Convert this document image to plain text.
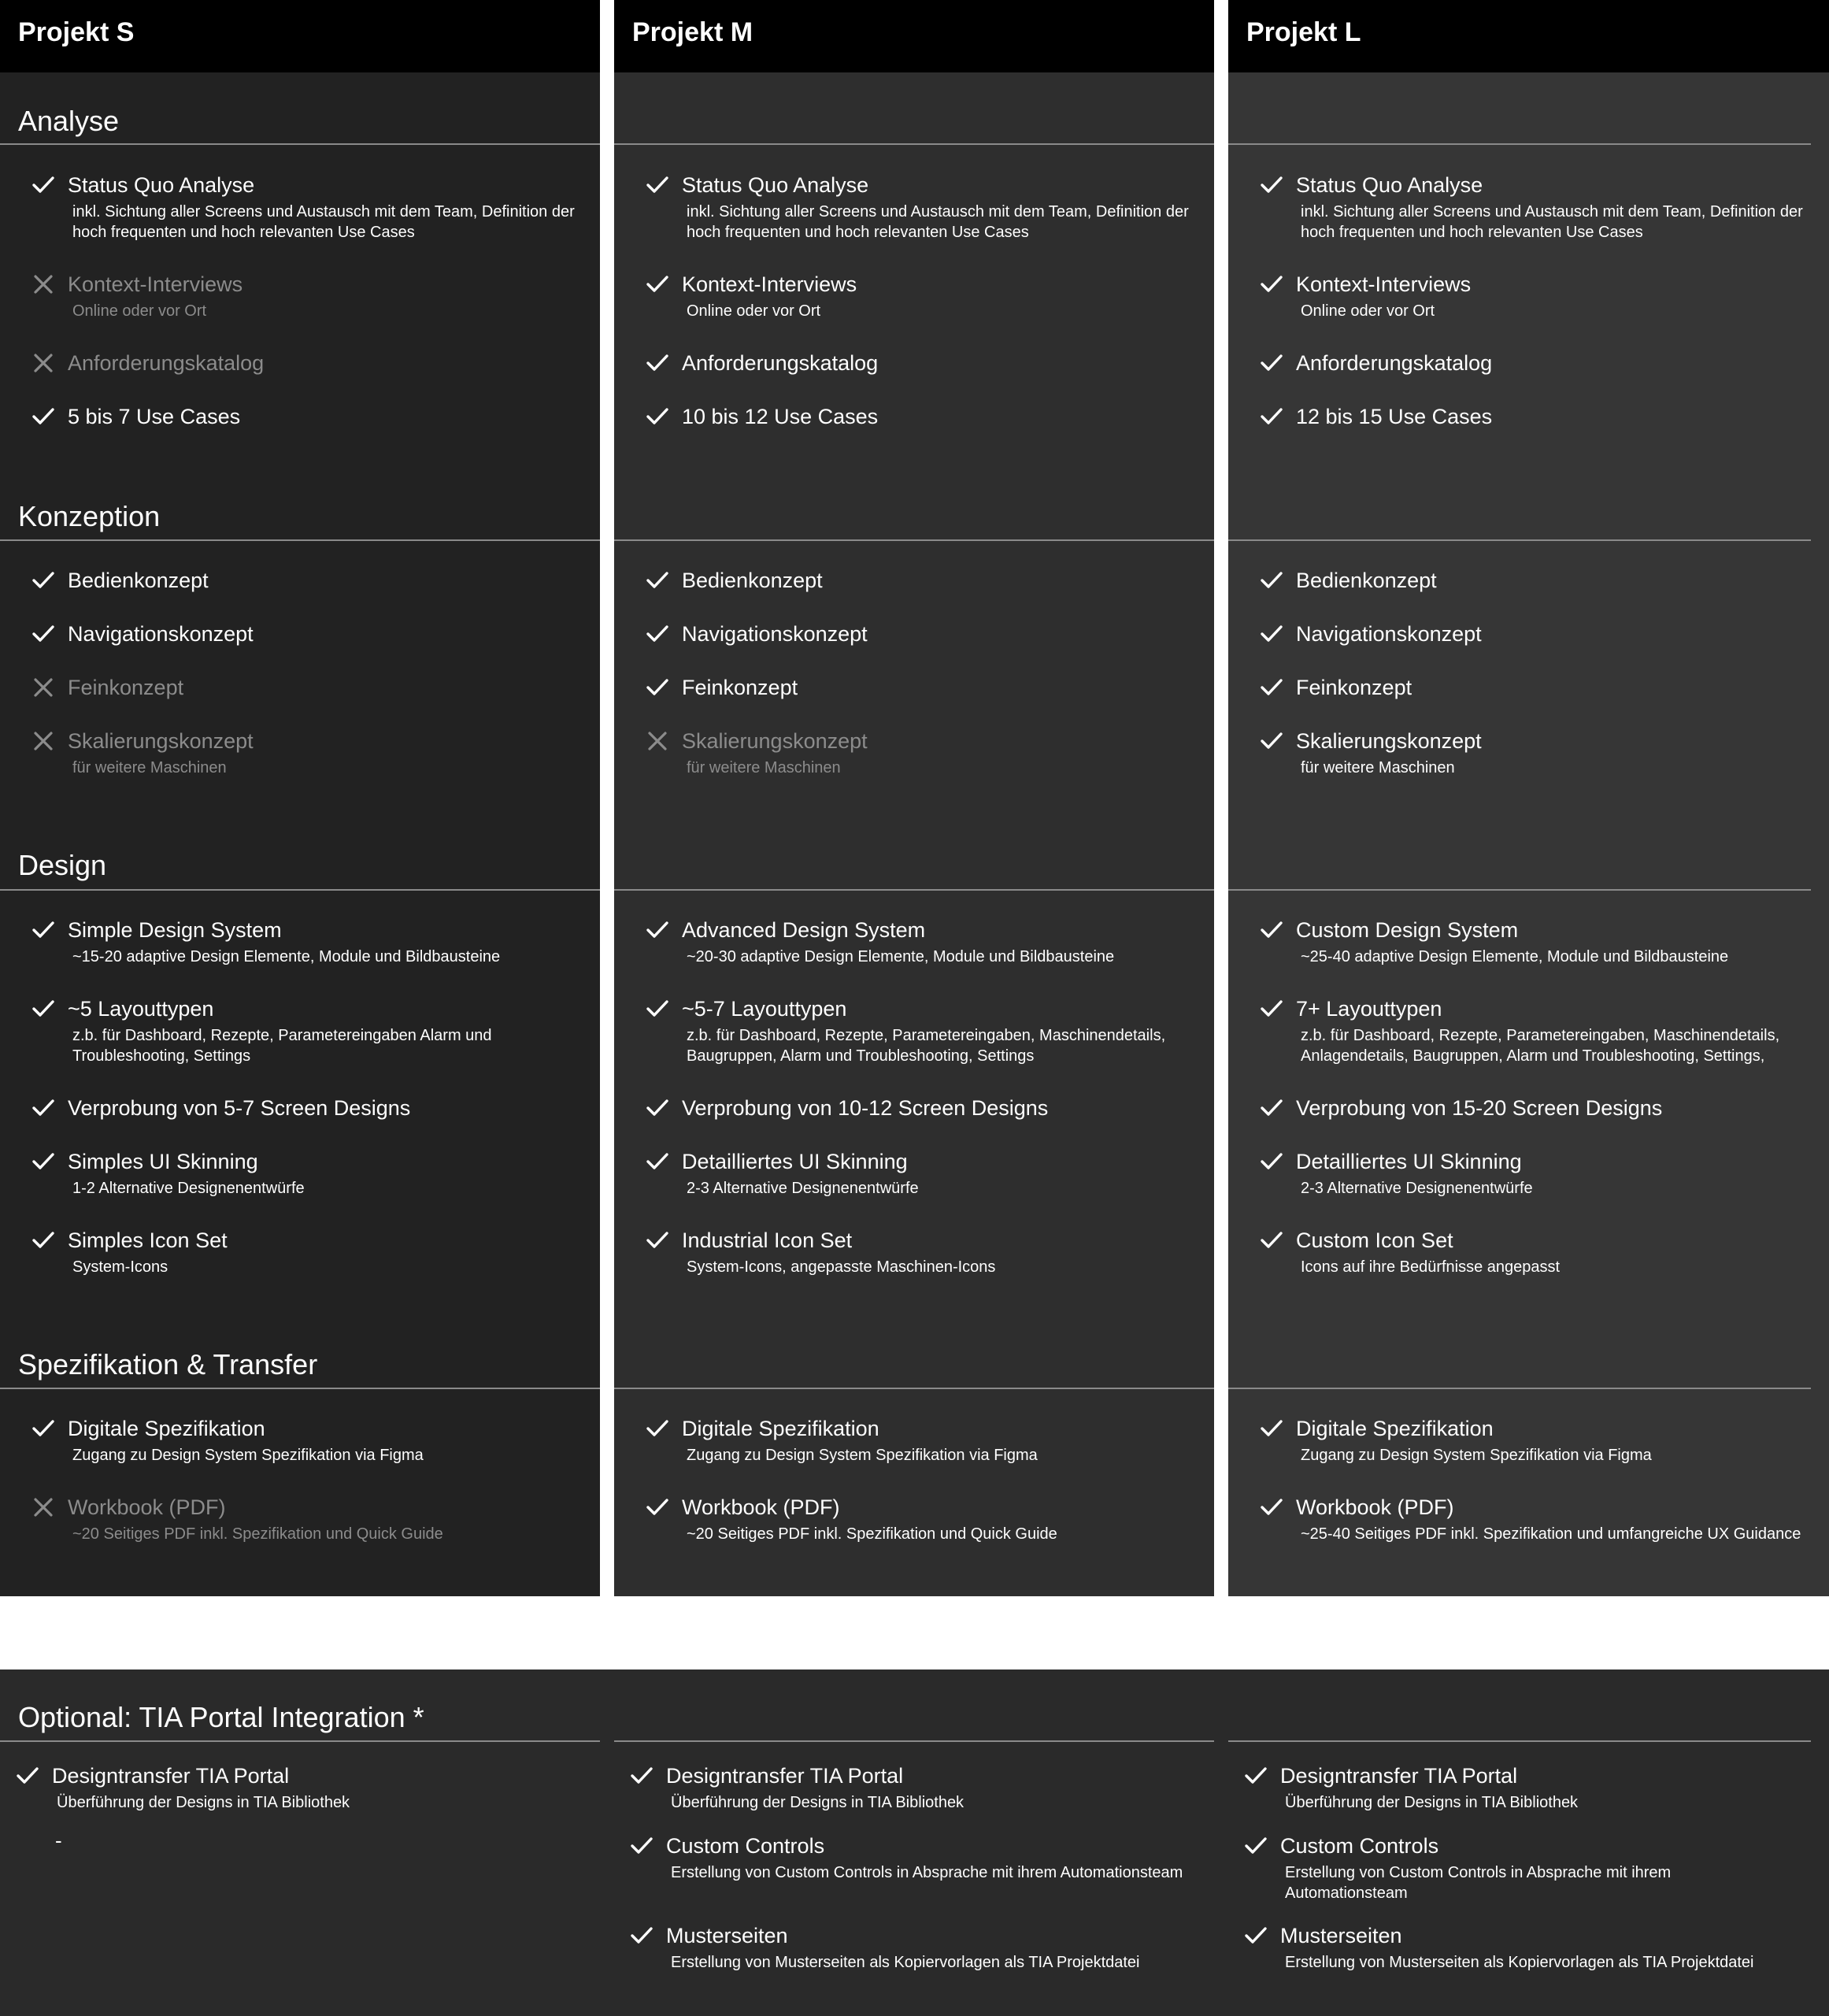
Projekt S
Analyse
Konzeption
Design
Spezifikation & Transfer
Status Quo Analyse
inkl. Sichtung aller Screens und Austausch mit dem Team, Definition der hoch frequenten und hoch relevanten Use Cases
Kontext-Interviews
Online oder vor Ort
Anforderungskatalog
5 bis 7 Use Cases
Bedienkonzept
Navigationskonzept
Feinkonzept
Skalierungskonzept
für weitere Maschinen
Simple Design System
~15-20 adaptive Design Elemente, Module und Bildbausteine
~5 Layouttypen
z.b. für Dashboard, Rezepte, Parametereingaben Alarm und Troubleshooting, Settings
Verprobung von 5-7 Screen Designs
Simples UI Skinning
1-2 Alternative Designenentwürfe
Simples Icon Set
System-Icons
Digitale Spezifikation
Zugang zu Design System Spezifikation via Figma
Workbook (PDF)
~20 Seitiges PDF inkl. Spezifikation und Quick Guide
Projekt M
Status Quo Analyse
inkl. Sichtung aller Screens und Austausch mit dem Team, Definition der hoch frequenten und hoch relevanten Use Cases
Kontext-Interviews
Online oder vor Ort
Anforderungskatalog
10 bis 12 Use Cases
Bedienkonzept
Navigationskonzept
Feinkonzept
Skalierungskonzept
für weitere Maschinen
Advanced Design System
~20-30 adaptive Design Elemente, Module und Bildbausteine
~5-7 Layouttypen
z.b. für Dashboard, Rezepte, Parametereingaben, Maschinendetails, Baugruppen, Alarm und Troubleshooting, Settings
Verprobung von 10-12 Screen Designs
Detailliertes UI Skinning
2-3 Alternative Designenentwürfe
Industrial Icon Set
System-Icons, angepasste Maschinen-Icons
Digitale Spezifikation
Zugang zu Design System Spezifikation via Figma
Workbook (PDF)
~20 Seitiges PDF inkl. Spezifikation und Quick Guide
Projekt L
Status Quo Analyse
inkl. Sichtung aller Screens und Austausch mit dem Team, Definition der hoch frequenten und hoch relevanten Use Cases
Kontext-Interviews
Online oder vor Ort
Anforderungskatalog
12 bis 15 Use Cases
Bedienkonzept
Navigationskonzept
Feinkonzept
Skalierungskonzept
für weitere Maschinen
Custom Design System
~25-40 adaptive Design Elemente, Module und Bildbausteine
7+ Layouttypen
z.b. für Dashboard, Rezepte, Parametereingaben, Maschinendetails, Anlagendetails, Baugruppen, Alarm und Troubleshooting, Settings,
Verprobung von 15-20 Screen Designs
Detailliertes UI Skinning
2-3 Alternative Designenentwürfe
Custom Icon Set
Icons auf ihre Bedürfnisse angepasst
Digitale Spezifikation
Zugang zu Design System Spezifikation via Figma
Workbook (PDF)
~25-40 Seitiges PDF inkl. Spezifikation und umfangreiche UX Guidance
Optional: TIA Portal Integration *
Designtransfer TIA Portal
Überführung der Designs in TIA Bibliothek
Designtransfer TIA Portal
Überführung der Designs in TIA Bibliothek
Custom Controls
Erstellung von Custom Controls in Absprache mit ihrem Automationsteam
Musterseiten
Erstellung von Musterseiten als Kopiervorlagen als TIA Projektdatei
Designtransfer TIA Portal
Überführung der Designs in TIA Bibliothek
Custom Controls
Erstellung von Custom Controls in Absprache mit ihrem Automationsteam
Musterseiten
Erstellung von Musterseiten als Kopiervorlagen als TIA Projektdatei
-
